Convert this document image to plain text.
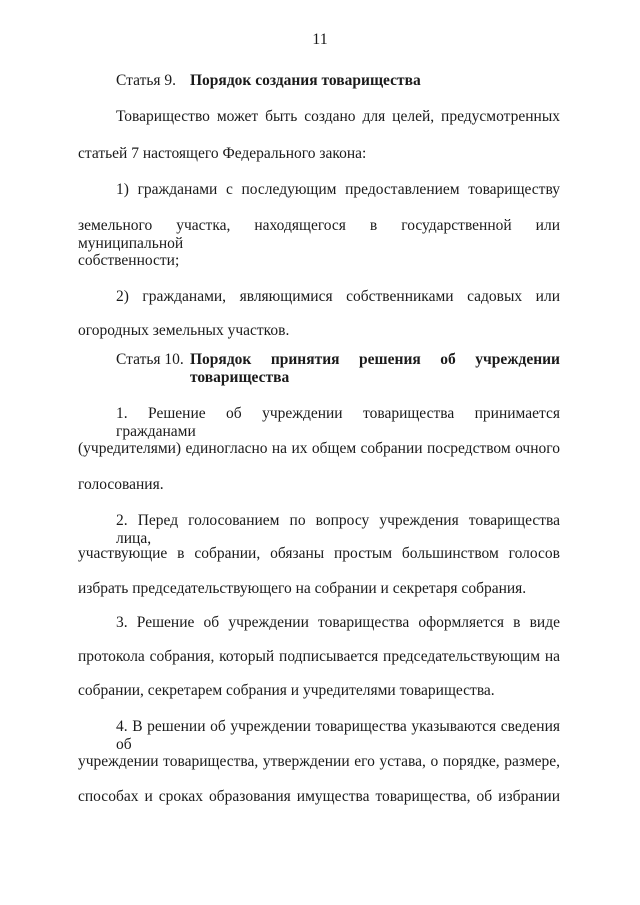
11
Статья 9. Порядок создания товарищества
Товарищество может быть создано для целей, предусмотренных
статьей 7 настоящего Федерального закона:
1) гражданами с последующим предоставлением товариществу
земельного участка, находящегося в государственной или муниципальной
собственности;
2) гражданами, являющимися собственниками садовых или
огородных земельных участков.
Статья 10. Порядок принятия решения об учреждении
товарищества
1. Решение об учреждении товарищества принимается гражданами
(учредителями) единогласно на их общем собрании посредством очного
голосования.
2. Перед голосованием по вопросу учреждения товарищества лица,
участвующие в собрании, обязаны простым большинством голосов
избрать председательствующего на собрании и секретаря собрания.
3. Решение об учреждении товарищества оформляется в виде
протокола собрания, который подписывается председательствующим на
собрании, секретарем собрания и учредителями товарищества.
4. В решении об учреждении товарищества указываются сведения об
учреждении товарищества, утверждении его устава, о порядке, размере,
способах и сроках образования имущества товарищества, об избрании
